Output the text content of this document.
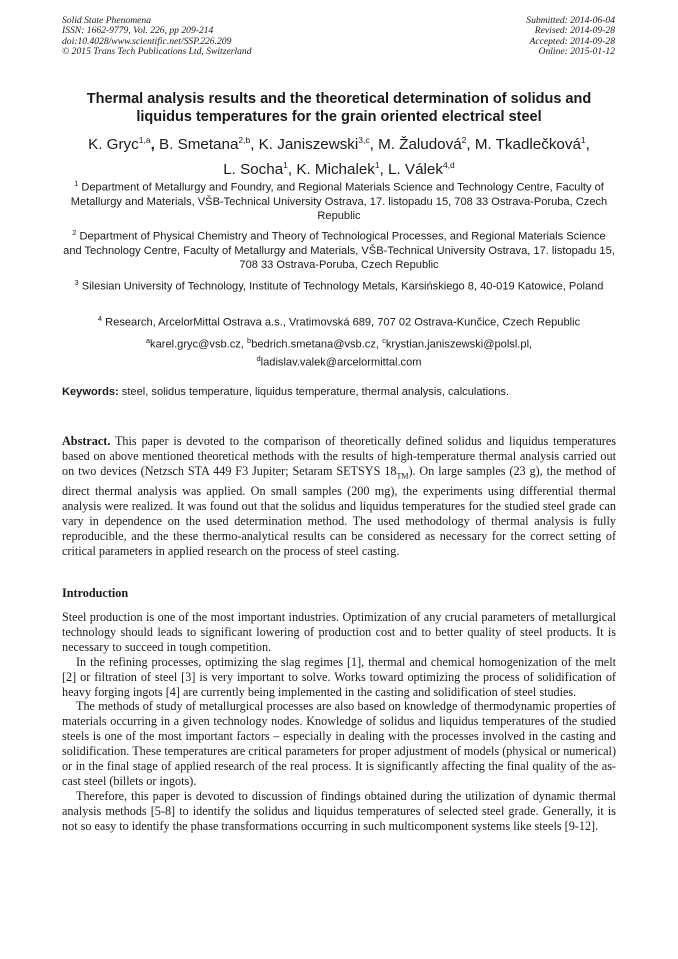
Solid State Phenomena
ISSN: 1662-9779, Vol. 226, pp 209-214
doi:10.4028/www.scientific.net/SSP.226.209
© 2015 Trans Tech Publications Ltd, Switzerland
Submitted: 2014-06-04
Revised: 2014-09-28
Accepted: 2014-09-28
Online: 2015-01-12
Thermal analysis results and the theoretical determination of solidus and liquidus temperatures for the grain oriented electrical steel
K. Gryc$^{1,a}$, B. Smetana$^{2,b}$, K. Janiszewski$^{3,c}$, M. Žaludová$^2$, M. Tkadlečková$^1$,
L. Socha$^1$, K. Michalek$^1$, L. Válek$^{4,d}$
$^1$ Department of Metallurgy and Foundry, and Regional Materials Science and Technology Centre, Faculty of Metallurgy and Materials, VŠB-Technical University Ostrava, 17. listopadu 15, 708 33 Ostrava-Poruba, Czech Republic
$^2$ Department of Physical Chemistry and Theory of Technological Processes, and Regional Materials Science and Technology Centre, Faculty of Metallurgy and Materials, VŠB-Technical University Ostrava, 17. listopadu 15, 708 33 Ostrava-Poruba, Czech Republic
$^3$ Silesian University of Technology, Institute of Technology Metals, Karsińskiego 8, 40-019 Katowice, Poland
$^4$ Research, ArcelorMittal Ostrava a.s., Vratimovská 689, 707 02 Ostrava-Kunčice, Czech Republic
$^a$karel.gryc@vsb.cz, $^b$bedrich.smetana@vsb.cz, $^c$krystian.janiszewski@polsl.pl,
$^d$ladislav.valek@arcelormittal.com
Keywords: steel, solidus temperature, liquidus temperature, thermal analysis, calculations.
Abstract. This paper is devoted to the comparison of theoretically defined solidus and liquidus temperatures based on above mentioned theoretical methods with the results of high-temperature thermal analysis carried out on two devices (Netzsch STA 449 F3 Jupiter; Setaram SETSYS $18_{TM}$). On large samples (23 g), the method of direct thermal analysis was applied. On small samples (200 mg), the experiments using differential thermal analysis were realized. It was found out that the solidus and liquidus temperatures for the studied steel grade can vary in dependence on the used determination method. The used methodology of thermal analysis is fully reproducible, and the these thermo-analytical results can be considered as necessary for the correct setting of critical parameters in applied research on the process of steel casting.
Introduction

Steel production is one of the most important industries. Optimization of any crucial parameters of metallurgical technology should leads to significant lowering of production cost and to better quality of steel products. It is necessary to succeed in tough competition.

In the refining processes, optimizing the slag regimes [1], thermal and chemical homogenization of the melt [2] or filtration of steel [3] is very important to solve. Works toward optimizing the process of solidification of heavy forging ingots [4] are currently being implemented in the casting and solidification of steel studies.

The methods of study of metallurgical processes are also based on knowledge of thermodynamic properties of materials occurring in a given technology nodes. Knowledge of solidus and liquidus temperatures of the studied steels is one of the most important factors – especially in dealing with the processes involved in the casting and solidification. These temperatures are critical parameters for proper adjustment of models (physical or numerical) or in the final stage of applied research of the real process. It is significantly affecting the final quality of the as-cast steel (billets or ingots).

Therefore, this paper is devoted to discussion of findings obtained during the utilization of dynamic thermal analysis methods [5-8] to identify the solidus and liquidus temperatures of selected steel grade. Generally, it is not so easy to identify the phase transformations occurring in such multicomponent systems like steels [9-12].
